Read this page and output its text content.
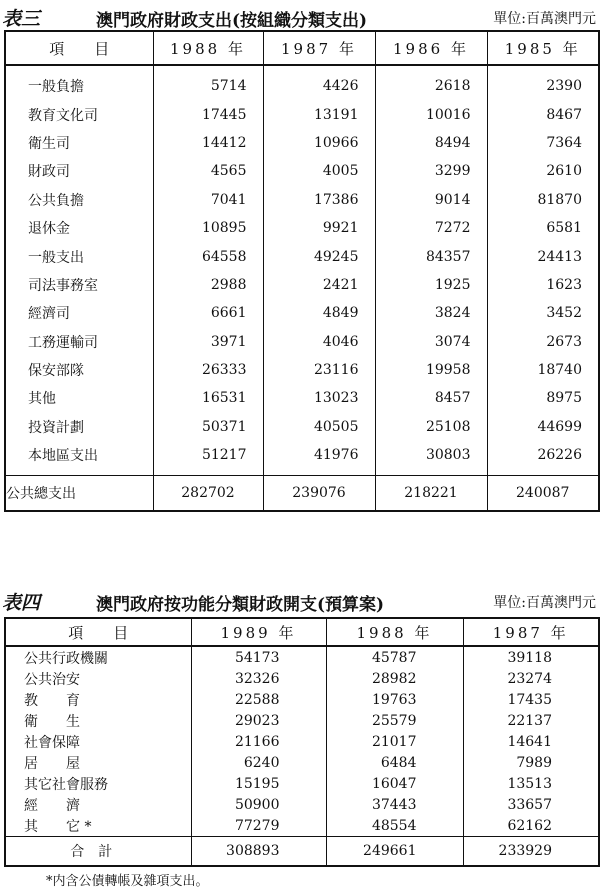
表三	澳門政府財政支出(按組織分類支出)	單位:百萬澳門元
項　　目	1988 年	1987 年	1986 年	1985 年
一般負擔	5714	4426	2618	2390
教育文化司	17445	13191	10016	8467
衛生司	14412	10966	8494	7364
財政司	4565	4005	3299	2610
公共負擔	7041	17386	9014	81870
退休金	10895	9921	7272	6581
一般支出	64558	49245	84357	24413
司法事務室	2988	2421	1925	1623
經濟司	6661	4849	3824	3452
工務運輸司	3971	4046	3074	2673
保安部隊	26333	23116	19958	18740
其他	16531	13023	8457	8975
投資計劃	50371	40505	25108	44699
本地區支出	51217	41976	30803	26226
公共總支出	282702	239076	218221	240087
表四	澳門政府按功能分類財政開支(預算案)	單位:百萬澳門元
項　　目	1989 年	1988 年	1987 年
公共行政機關	54173	45787	39118
公共治安	32326	28982	23274
教　　育	22588	19763	17435
衛　　生	29023	25579	22137
社會保障	21166	21017	14641
居　　屋	6240	6484	7989
其它社會服務	15195	16047	13513
經　　濟	50900	37443	33657
其　　它 *	77279	48554	62162
合計	308893	249661	233929
*内含公債轉帳及雜項支出。
